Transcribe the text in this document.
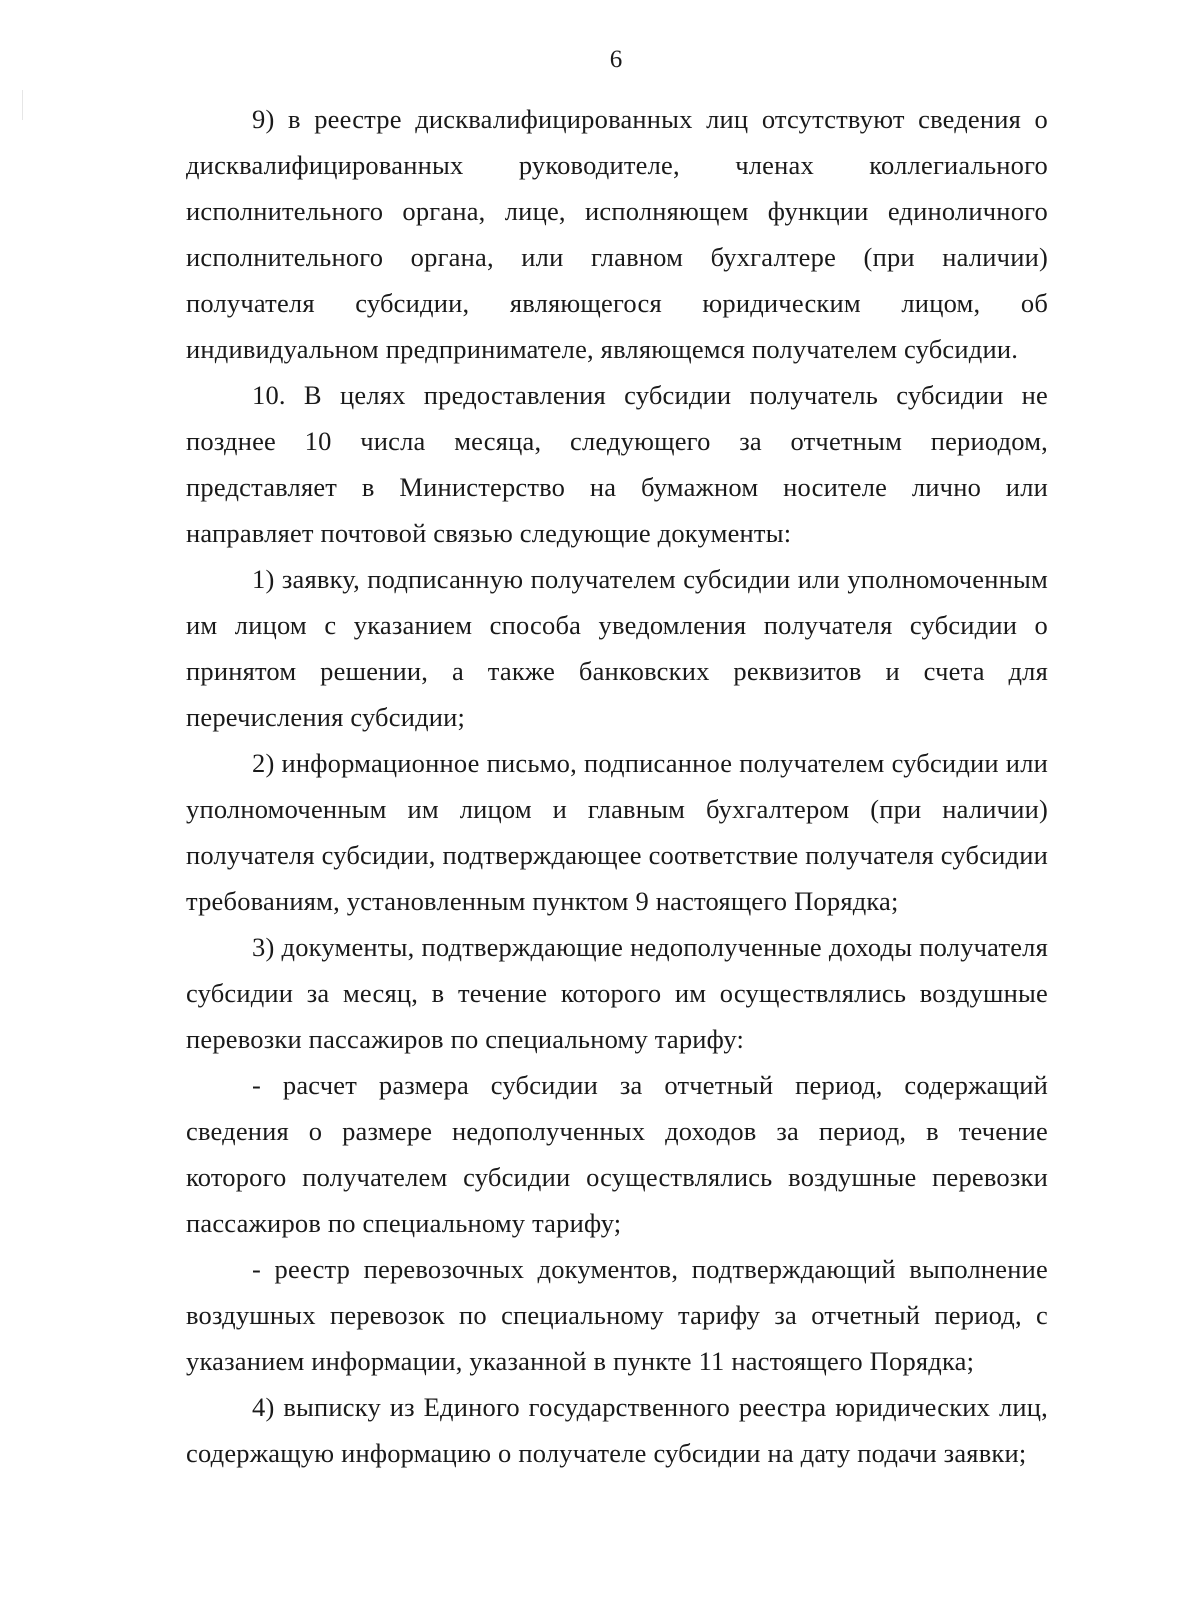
6

9) в реестре дисквалифицированных лиц отсутствуют сведения о дисквалифицированных руководителе, членах коллегиального исполнительного органа, лице, исполняющем функции единоличного исполнительного органа, или главном бухгалтере (при наличии) получателя субсидии, являющегося юридическим лицом, об индивидуальном предпринимателе, являющемся получателем субсидии.

10. В целях предоставления субсидии получатель субсидии не позднее 10 числа месяца, следующего за отчетным периодом, представляет в Министерство на бумажном носителе лично или направляет почтовой связью следующие документы:

1) заявку, подписанную получателем субсидии или уполномоченным им лицом с указанием способа уведомления получателя субсидии о принятом решении, а также банковских реквизитов и счета для перечисления субсидии;

2) информационное письмо, подписанное получателем субсидии или уполномоченным им лицом и главным бухгалтером (при наличии) получателя субсидии, подтверждающее соответствие получателя субсидии требованиям, установленным пунктом 9 настоящего Порядка;

3) документы, подтверждающие недополученные доходы получателя субсидии за месяц, в течение которого им осуществлялись воздушные перевозки пассажиров по специальному тарифу:

- расчет размера субсидии за отчетный период, содержащий сведения о размере недополученных доходов за период, в течение которого получателем субсидии осуществлялись воздушные перевозки пассажиров по специальному тарифу;

- реестр перевозочных документов, подтверждающий выполнение воздушных перевозок по специальному тарифу за отчетный период, с указанием информации, указанной в пункте 11 настоящего Порядка;

4) выписку из Единого государственного реестра юридических лиц, содержащую информацию о получателе субсидии на дату подачи заявки;
